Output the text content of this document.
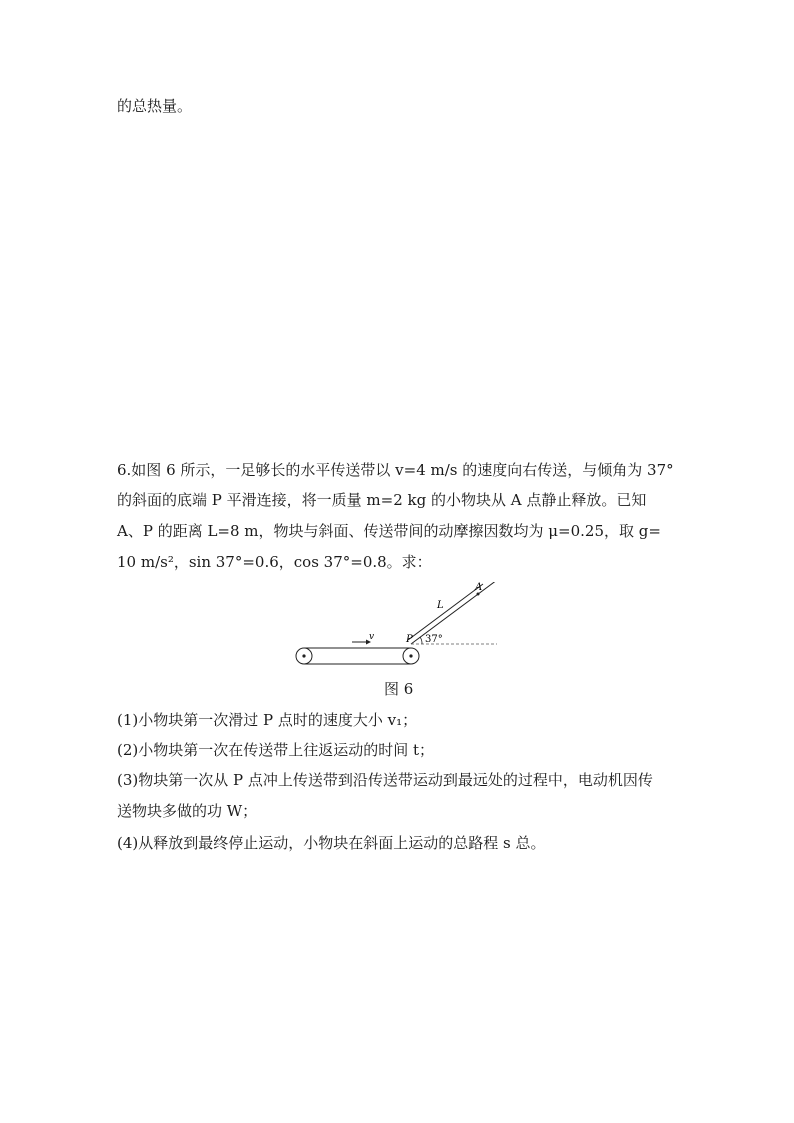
的总热量。
6.如图 6 所示，一足够长的水平传送带以 v=4 m/s 的速度向右传送，与倾角为 37°
的斜面的底端 P 平滑连接，将一质量 m=2 kg 的小物块从 A 点静止释放。已知
A、P 的距离 L=8 m，物块与斜面、传送带间的动摩擦因数均为 μ=0.25，取 g=
10 m/s²，sin 37°=0.6，cos 37°=0.8。求：
v
A
L
P 37°
图 6
(1)小物块第一次滑过 P 点时的速度大小 v₁；
(2)小物块第一次在传送带上往返运动的时间 t；
(3)物块第一次从 P 点冲上传送带到沿传送带运动到最远处的过程中，电动机因传
送物块多做的功 W；
(4)从释放到最终停止运动，小物块在斜面上运动的总路程 s 总。
